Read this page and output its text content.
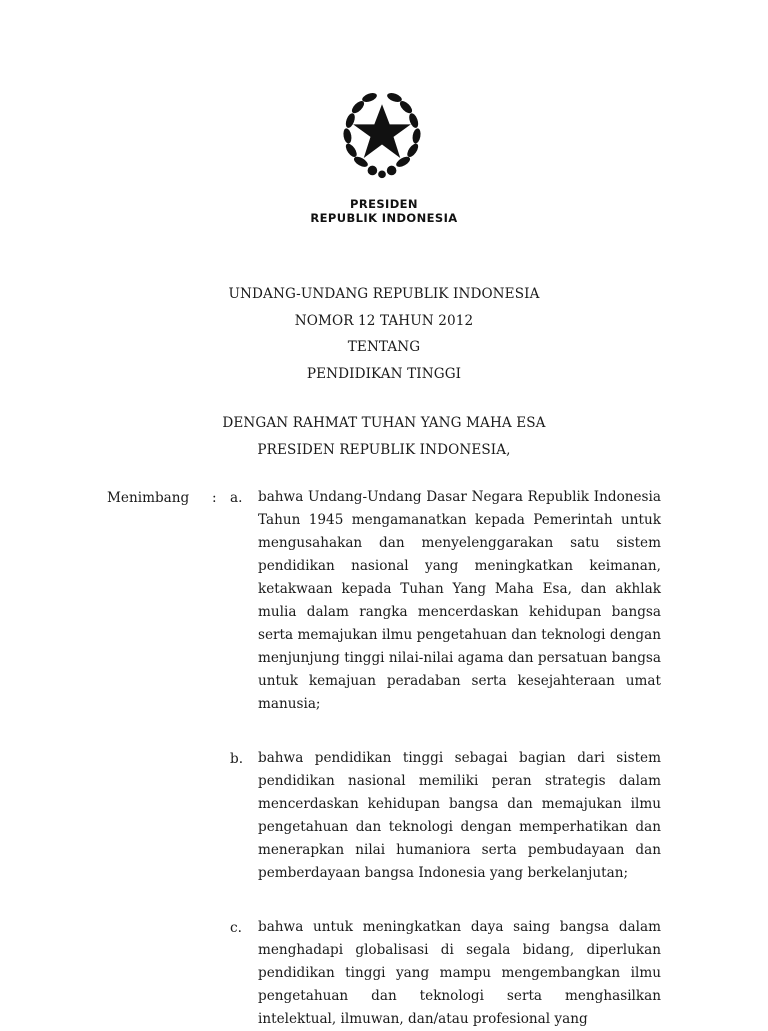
PRESIDEN
REPUBLIK INDONESIA
UNDANG-UNDANG REPUBLIK INDONESIA
NOMOR 12 TAHUN 2012
TENTANG
PENDIDIKAN TINGGI
DENGAN RAHMAT TUHAN YANG MAHA ESA
PRESIDEN REPUBLIK INDONESIA,
Menimbang : a. bahwa Undang-Undang Dasar Negara Republik Indonesia Tahun 1945 mengamanatkan kepada Pemerintah untuk mengusahakan dan menyelenggarakan satu sistem pendidikan nasional yang meningkatkan keimanan, ketakwaan kepada Tuhan Yang Maha Esa, dan akhlak mulia dalam rangka mencerdaskan kehidupan bangsa serta memajukan ilmu pengetahuan dan teknologi dengan menjunjung tinggi nilai-nilai agama dan persatuan bangsa untuk kemajuan peradaban serta kesejahteraan umat manusia;
b. bahwa pendidikan tinggi sebagai bagian dari sistem pendidikan nasional memiliki peran strategis dalam mencerdaskan kehidupan bangsa dan memajukan ilmu pengetahuan dan teknologi dengan memperhatikan dan menerapkan nilai humaniora serta pembudayaan dan pemberdayaan bangsa Indonesia yang berkelanjutan;
c. bahwa untuk meningkatkan daya saing bangsa dalam menghadapi globalisasi di segala bidang, diperlukan pendidikan tinggi yang mampu mengembangkan ilmu pengetahuan dan teknologi serta menghasilkan intelektual, ilmuwan, dan/atau profesional yang
